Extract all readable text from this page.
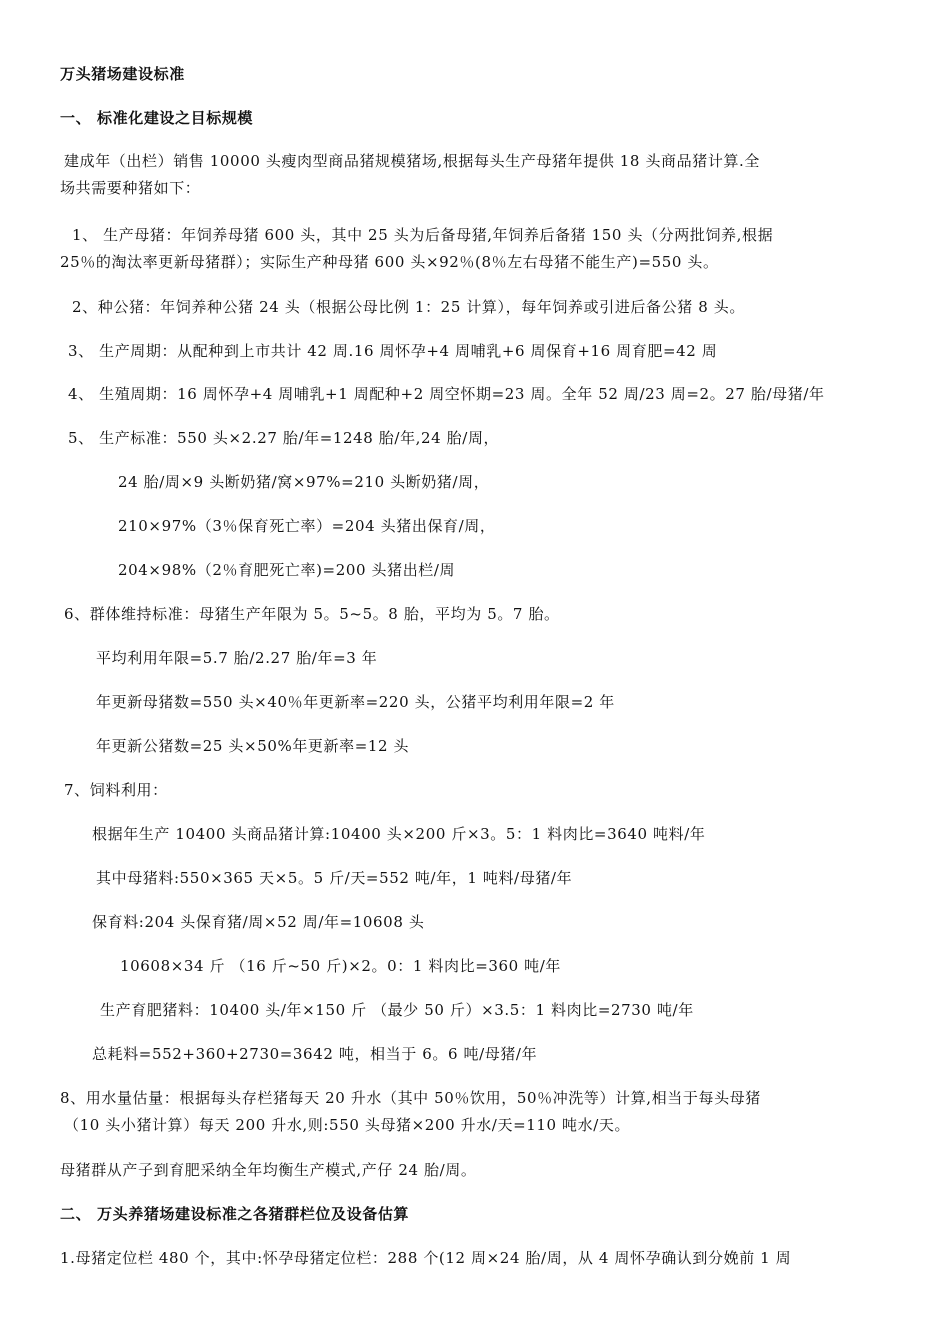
万头猪场建设标准
一、 标准化建设之目标规模
建成年（出栏）销售 10000 头瘦肉型商品猪规模猪场,根据每头生产母猪年提供 18 头商品猪计算.全
场共需要种猪如下：
1、 生产母猪：年饲养母猪 600 头，其中 25 头为后备母猪,年饲养后备猪 150 头（分两批饲养,根据
25％的淘汰率更新母猪群）；实际生产种母猪 600 头×92％(8％左右母猪不能生产)=550 头。
2、种公猪：年饲养种公猪 24 头（根据公母比例 1：25 计算），每年饲养或引进后备公猪 8 头。
3、 生产周期：从配种到上市共计 42 周.16 周怀孕+4 周哺乳+6 周保育+16 周育肥=42 周
4、 生殖周期：16 周怀孕+4 周哺乳+1 周配种+2 周空怀期=23 周。全年 52 周/23 周=2。27 胎/母猪/年
5、 生产标准：550 头×2.27 胎/年=1248 胎/年,24 胎/周，
24 胎/周×9 头断奶猪/窝×97%=210 头断奶猪/周，
210×97%（3％保育死亡率）=204 头猪出保育/周，
204×98%（2％育肥死亡率)=200 头猪出栏/周
6、群体维持标准：母猪生产年限为 5。5~5。8 胎，平均为 5。7 胎。
平均利用年限=5.7 胎/2.27 胎/年=3 年
年更新母猪数=550 头×40％年更新率=220 头，公猪平均利用年限=2 年
年更新公猪数=25 头×50%年更新率=12 头
7、饲料利用：
根据年生产 10400 头商品猪计算:10400 头×200 斤×3。5：1 料肉比=3640 吨料/年
其中母猪料:550×365 天×5。5 斤/天=552 吨/年，1 吨料/母猪/年
保育料:204 头保育猪/周×52 周/年=10608 头
10608×34 斤 （16 斤~50 斤)×2。0：1 料肉比=360 吨/年
生产育肥猪料：10400 头/年×150 斤 （最少 50 斤）×3.5：1 料肉比=2730 吨/年
总耗料=552+360+2730=3642 吨，相当于 6。6 吨/母猪/年
8、用水量估量：根据每头存栏猪每天 20 升水（其中 50％饮用，50％冲洗等）计算,相当于每头母猪
（10 头小猪计算）每天 200 升水,则:550 头母猪×200 升水/天=110 吨水/天。
母猪群从产子到育肥采纳全年均衡生产模式,产仔 24 胎/周。
二、 万头养猪场建设标准之各猪群栏位及设备估算
1.母猪定位栏 480 个，其中:怀孕母猪定位栏：288 个(12 周×24 胎/周，从 4 周怀孕确认到分娩前 1 周
